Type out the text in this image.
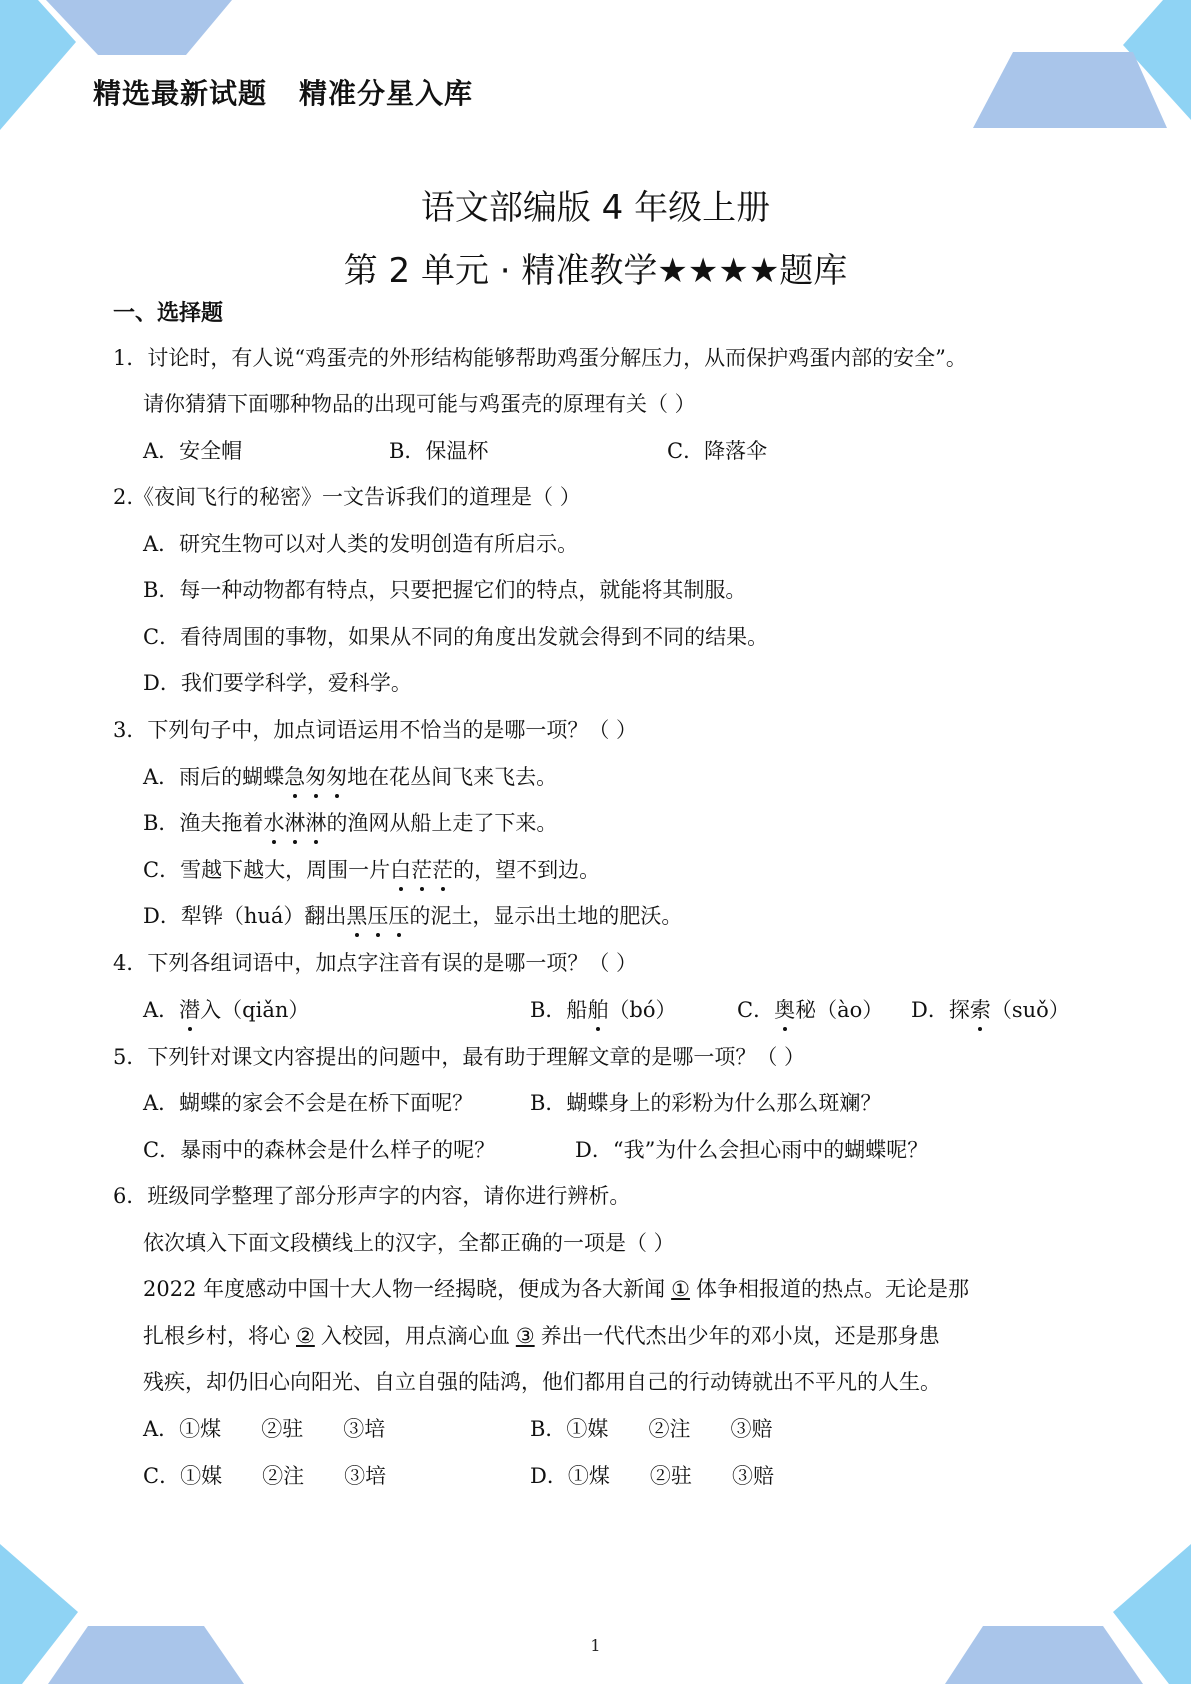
精选最新试题 精准分星入库
语文部编版 4 年级上册
第 2 单元 · 精准教学★★★★题库
一、选择题
1．讨论时，有人说“鸡蛋壳的外形结构能够帮助鸡蛋分解压力，从而保护鸡蛋内部的安全”。
请你猜猜下面哪种物品的出现可能与鸡蛋壳的原理有关（ ）
A．安全帽	B．保温杯	C．降落伞
2.《夜间飞行的秘密》一文告诉我们的道理是（ ）
A．研究生物可以对人类的发明创造有所启示。
B．每一种动物都有特点，只要把握它们的特点，就能将其制服。
C．看待周围的事物，如果从不同的角度出发就会得到不同的结果。
D．我们要学科学，爱科学。
3．下列句子中，加点词语运用不恰当的是哪一项？（ ）
A．雨后的蝴蝶急匆匆地在花丛间飞来飞去。
B．渔夫拖着水淋淋的渔网从船上走了下来。
C．雪越下越大，周围一片白茫茫的，望不到边。
D．犁铧（huá）翻出黑压压的泥土，显示出土地的肥沃。
4．下列各组词语中，加点字注音有误的是哪一项？（ ）
A．潜入（qiǎn）	B．船舶（bó）	C．奥秘（ào） D．探索（suǒ）
5．下列针对课文内容提出的问题中，最有助于理解文章的是哪一项？（ ）
A．蝴蝶的家会不会是在桥下面呢？	B．蝴蝶身上的彩粉为什么那么斑斓？
C．暴雨中的森林会是什么样子的呢？	D．“我”为什么会担心雨中的蝴蝶呢？
6．班级同学整理了部分形声字的内容，请你进行辨析。
依次填入下面文段横线上的汉字，全都正确的一项是（ ）
2022 年度感动中国十大人物一经揭晓，便成为各大新闻 ① 体争相报道的热点。无论是那
扎根乡村，将心 ② 入校园，用点滴心血 ③ 养出一代代杰出少年的邓小岚，还是那身患
残疾，却仍旧心向阳光、自立自强的陆鸿，他们都用自己的行动铸就出不平凡的人生。
A．①煤      ②驻      ③培	B．①媒      ②注      ③赔
C．①媒      ②注      ③培	D．①煤      ②驻      ③赔
1
